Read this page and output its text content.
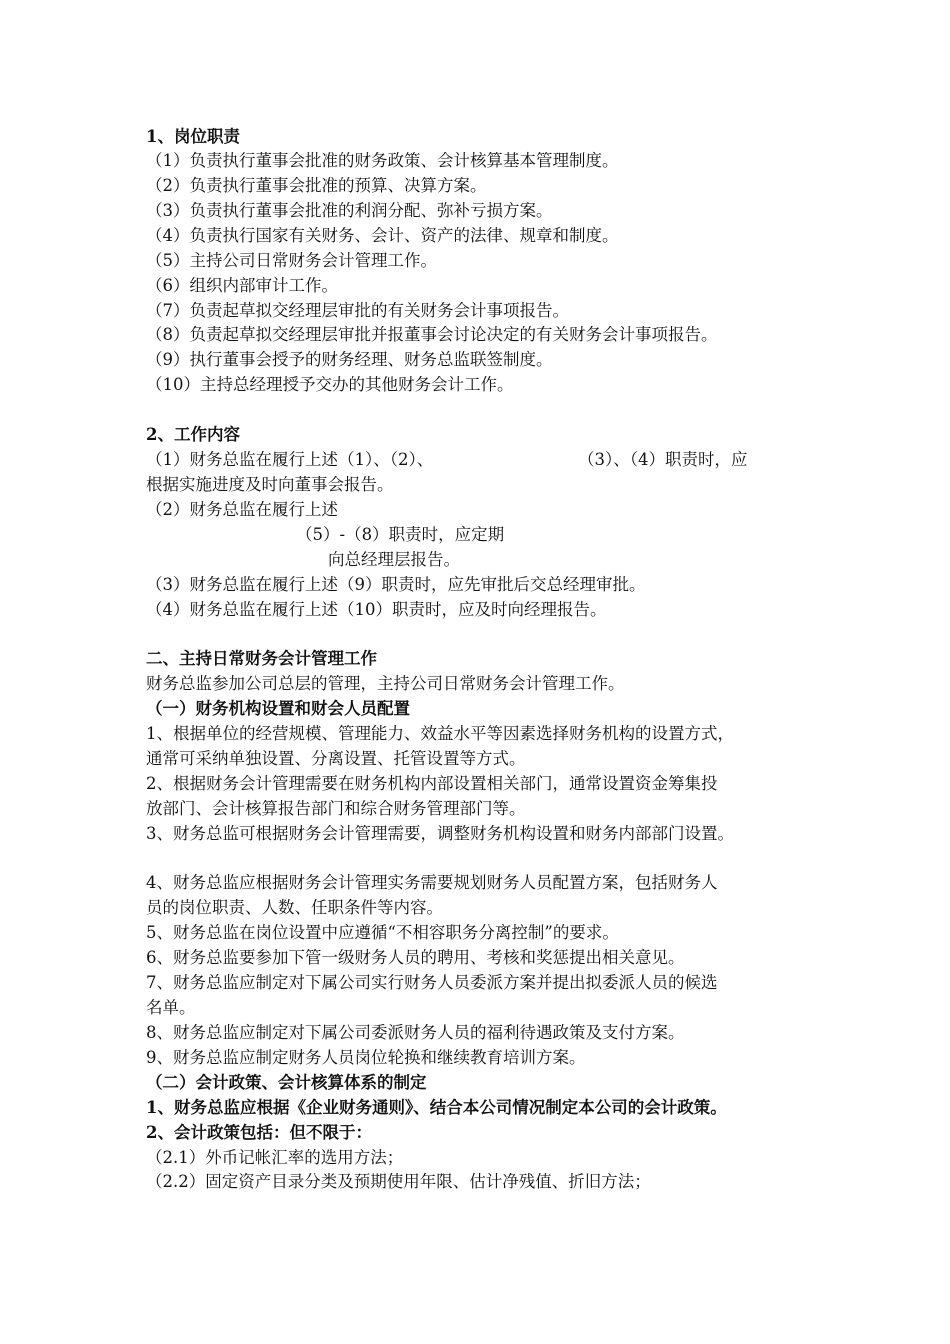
1、岗位职责
（1）负责执行董事会批准的财务政策、会计核算基本管理制度。
（2）负责执行董事会批准的预算、决算方案。
（3）负责执行董事会批准的利润分配、弥补亏损方案。
（4）负责执行国家有关财务、会计、资产的法律、规章和制度。
（5）主持公司日常财务会计管理工作。
（6）组织内部审计工作。
（7）负责起草拟交经理层审批的有关财务会计事项报告。
（8）负责起草拟交经理层审批并报董事会讨论决定的有关财务会计事项报告。
（9）执行董事会授予的财务经理、财务总监联签制度。
（10）主持总经理授予交办的其他财务会计工作。
2、工作内容
（1）财务总监在履行上述（1）、（2）、	（3）、（4）职责时，应
根据实施进度及时向董事会报告。
（2）财务总监在履行上述
（5）-（8）职责时，应定期
向总经理层报告。
（3）财务总监在履行上述（9）职责时，应先审批后交总经理审批。
（4）财务总监在履行上述（10）职责时，应及时向经理报告。
二、主持日常财务会计管理工作
财务总监参加公司总层的管理，主持公司日常财务会计管理工作。
（一）财务机构设置和财会人员配置
1、根据单位的经营规模、管理能力、效益水平等因素选择财务机构的设置方式，
通常可采纳单独设置、分离设置、托管设置等方式。
2、根据财务会计管理需要在财务机构内部设置相关部门，通常设置资金筹集投
放部门、会计核算报告部门和综合财务管理部门等。
3、财务总监可根据财务会计管理需要，调整财务机构设置和财务内部部门设置。
4、财务总监应根据财务会计管理实务需要规划财务人员配置方案，包括财务人
员的岗位职责、人数、任职条件等内容。
5、财务总监在岗位设置中应遵循“不相容职务分离控制”的要求。
6、财务总监要参加下管一级财务人员的聘用、考核和奖惩提出相关意见。
7、财务总监应制定对下属公司实行财务人员委派方案并提出拟委派人员的候选
名单。
8、财务总监应制定对下属公司委派财务人员的福利待遇政策及支付方案。
9、财务总监应制定财务人员岗位轮换和继续教育培训方案。
（二）会计政策、会计核算体系的制定
1、财务总监应根据《企业财务通则》、结合本公司情况制定本公司的会计政策。
2、会计政策包括：但不限于：
（2.1）外币记帐汇率的选用方法；
（2.2）固定资产目录分类及预期使用年限、估计净残值、折旧方法；
